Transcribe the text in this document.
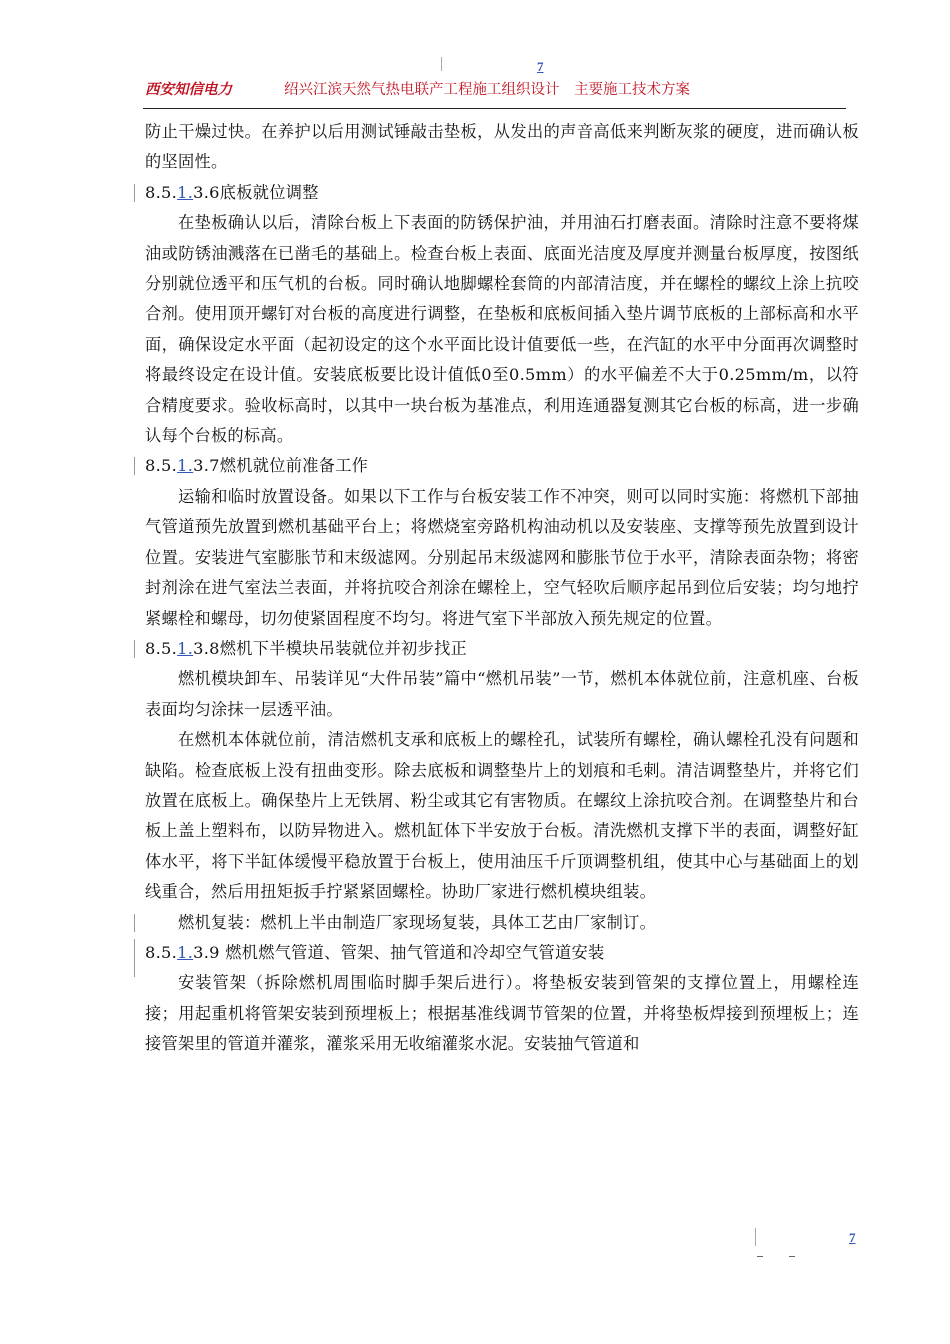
7
西安知信电力	绍兴江滨天然气热电联产工程施工组织设计　主要施工技术方案

防止干燥过快。在养护以后用测试锤敲击垫板，从发出的声音高低来判断灰浆的硬度，进而确认板的坚固性。

8.5.1.3.6底板就位调整

在垫板确认以后，清除台板上下表面的防锈保护油，并用油石打磨表面。清除时注意不要将煤油或防锈油溅落在已凿毛的基础上。检查台板上表面、底面光洁度及厚度并测量台板厚度，按图纸分别就位透平和压气机的台板。同时确认地脚螺栓套筒的内部清洁度，并在螺栓的螺纹上涂上抗咬合剂。使用顶开螺钉对台板的高度进行调整，在垫板和底板间插入垫片调节底板的上部标高和水平面，确保设定水平面（起初设定的这个水平面比设计值要低一些，在汽缸的水平中分面再次调整时将最终设定在设计值。安装底板要比设计值低0至0.5mm）的水平偏差不大于0.25mm/m，以符合精度要求。验收标高时，以其中一块台板为基准点，利用连通器复测其它台板的标高，进一步确认每个台板的标高。

8.5.1.3.7燃机就位前准备工作

运输和临时放置设备。如果以下工作与台板安装工作不冲突，则可以同时实施：将燃机下部抽气管道预先放置到燃机基础平台上；将燃烧室旁路机构油动机以及安装座、支撑等预先放置到设计位置。安装进气室膨胀节和末级滤网。分别起吊末级滤网和膨胀节位于水平，清除表面杂物；将密封剂涂在进气室法兰表面，并将抗咬合剂涂在螺栓上，空气轻吹后顺序起吊到位后安装；均匀地拧紧螺栓和螺母，切勿使紧固程度不均匀。将进气室下半部放入预先规定的位置。

8.5.1.3.8燃机下半模块吊装就位并初步找正

燃机模块卸车、吊装详见“大件吊装”篇中“燃机吊装”一节，燃机本体就位前，注意机座、台板表面均匀涂抹一层透平油。

在燃机本体就位前，清洁燃机支承和底板上的螺栓孔，试装所有螺栓，确认螺栓孔没有问题和缺陷。检查底板上没有扭曲变形。除去底板和调整垫片上的划痕和毛刺。清洁调整垫片，并将它们放置在底板上。确保垫片上无铁屑、粉尘或其它有害物质。在螺纹上涂抗咬合剂。在调整垫片和台板上盖上塑料布，以防异物进入。燃机缸体下半安放于台板。清洗燃机支撑下半的表面，调整好缸体水平，将下半缸体缓慢平稳放置于台板上，使用油压千斤顶调整机组，使其中心与基础面上的划线重合，然后用扭矩扳手拧紧紧固螺栓。协助厂家进行燃机模块组装。

燃机复装：燃机上半由制造厂家现场复装，具体工艺由厂家制订。

8.5.1.3.9 燃机燃气管道、管架、抽气管道和冷却空气管道安装

安装管架（拆除燃机周围临时脚手架后进行）。将垫板安装到管架的支撑位置上，用螺栓连接；用起重机将管架安装到预埋板上；根据基准线调节管架的位置，并将垫板焊接到预埋板上；连接管架里的管道并灌浆，灌浆采用无收缩灌浆水泥。安装抽气管道和

7
